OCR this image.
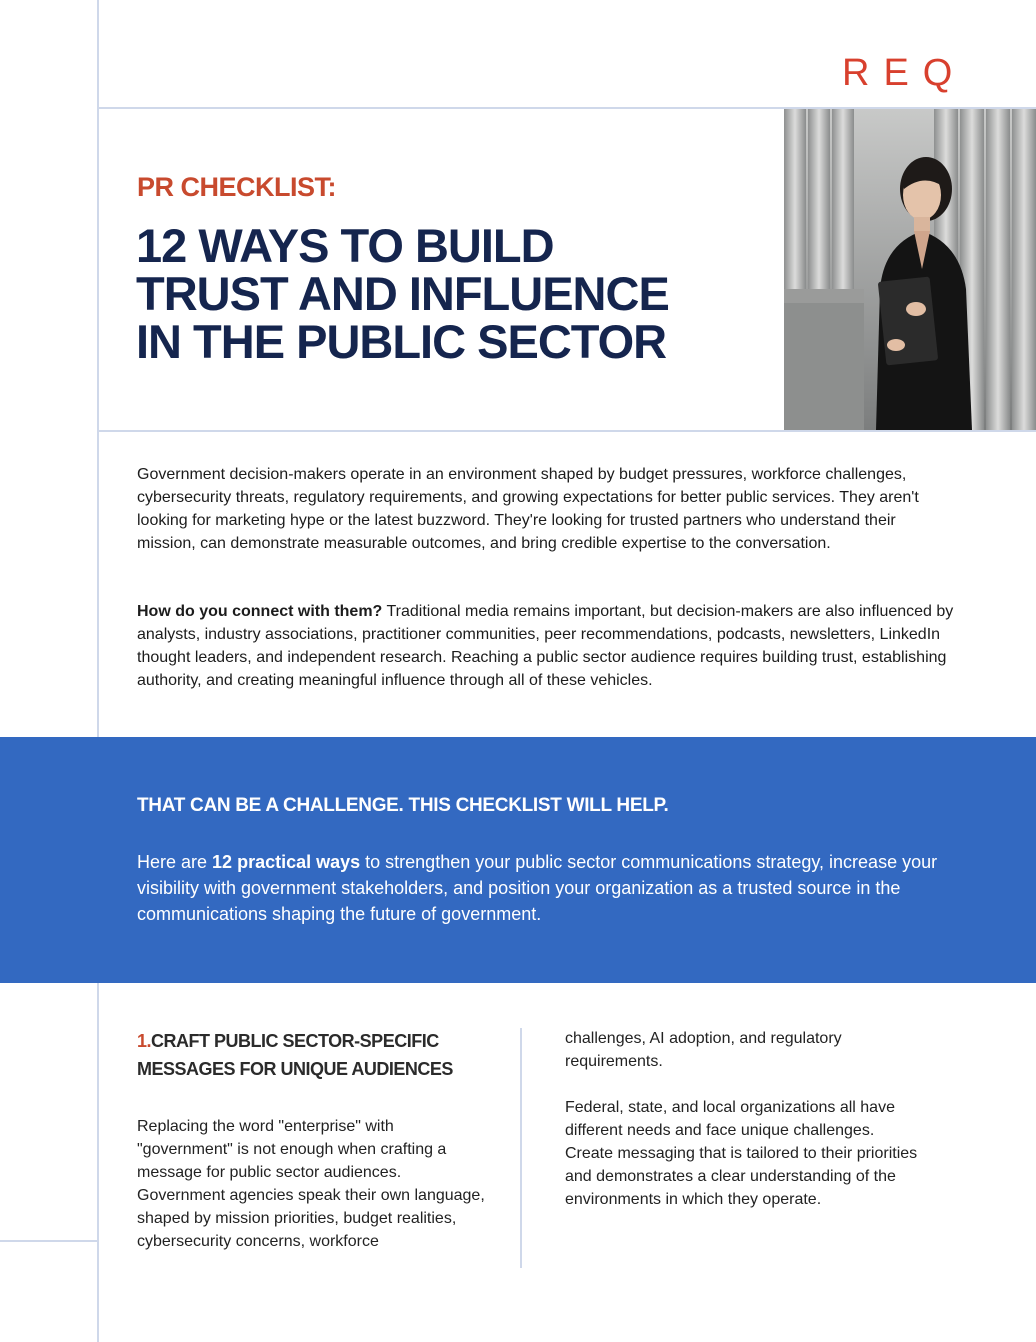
REQ
PR CHECKLIST:
12 WAYS TO BUILD
TRUST AND INFLUENCE
IN THE PUBLIC SECTOR

Government decision-makers operate in an environment shaped by budget pressures, workforce challenges, cybersecurity threats, regulatory requirements, and growing expectations for better public services. They aren't looking for marketing hype or the latest buzzword. They're looking for trusted partners who understand their mission, can demonstrate measurable outcomes, and bring credible expertise to the conversation.

How do you connect with them? Traditional media remains important, but decision-makers are also influenced by analysts, industry associations, practitioner communities, peer recommendations, podcasts, newsletters, LinkedIn thought leaders, and independent research. Reaching a public sector audience requires building trust, establishing authority, and creating meaningful influence through all of these vehicles.

THAT CAN BE A CHALLENGE. THIS CHECKLIST WILL HELP.

Here are 12 practical ways to strengthen your public sector communications strategy, increase your visibility with government stakeholders, and position your organization as a trusted source in the communications shaping the future of government.

1.CRAFT PUBLIC SECTOR-SPECIFIC MESSAGES FOR UNIQUE AUDIENCES

Replacing the word "enterprise" with "government" is not enough when crafting a message for public sector audiences. Government agencies speak their own language, shaped by mission priorities, budget realities, cybersecurity concerns, workforce

challenges, AI adoption, and regulatory requirements.

Federal, state, and local organizations all have different needs and face unique challenges. Create messaging that is tailored to their priorities and demonstrates a clear understanding of the environments in which they operate.
